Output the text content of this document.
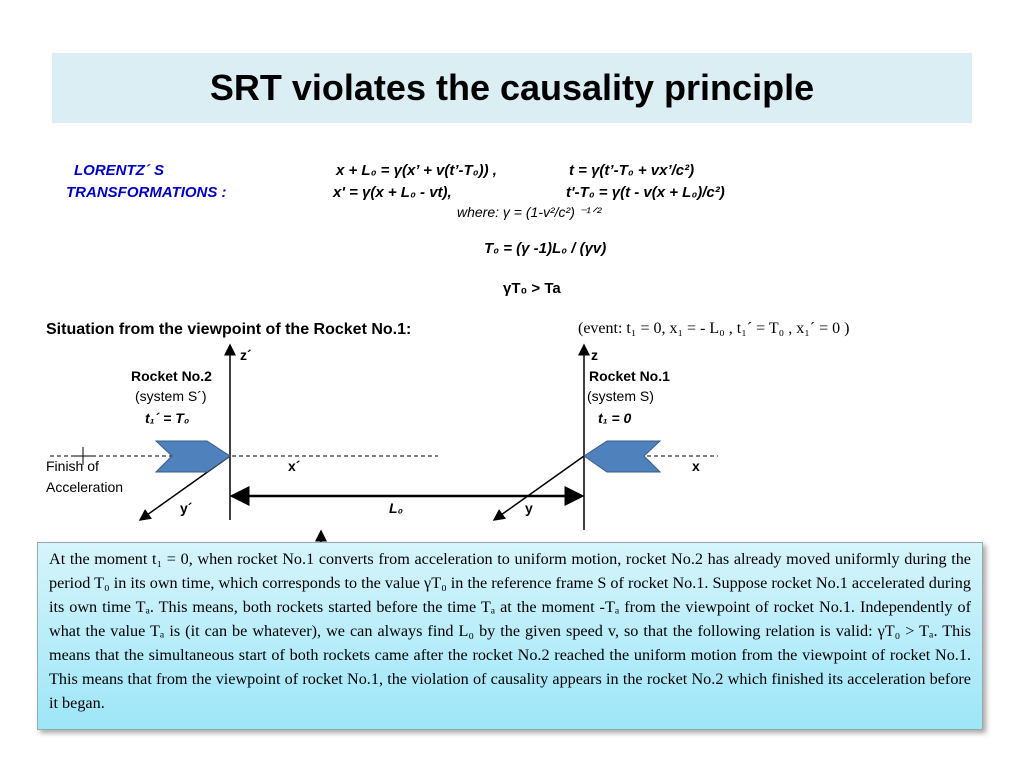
SRT violates the causality principle
LORENTZ´ S
TRANSFORMATIONS :
x + L₀ = γ(x’ + v(t’-T₀)) ,	t = γ(t’-T₀ + vx’/c²)
x' = γ(x + L₀ - vt),	t'-T₀ = γ(t - v(x + L₀)/c²)
where: γ = (1-v²/c²) ⁻¹ᐟ²
T₀ = (γ -1)L₀ / (γv)
γT₀ > Ta
Situation from the viewpoint of the Rocket No.1:	(event: t₁ = 0, x₁ = - L₀ , t₁´ = T₀ , x₁´ = 0 )
Rocket No.2
(system S´)
t₁´ = T₀
Rocket No.1
(system S)
t₁ = 0
z´	z
x´	x
y´	y
L₀
Finish of
Acceleration

At the moment t₁ = 0, when rocket No.1 converts from acceleration to uniform motion, rocket No.2 has already moved uniformly during the period T₀ in its own time, which corresponds to the value γT₀ in the reference frame S of rocket No.1. Suppose rocket No.1 accelerated during its own time Tₐ. This means, both rockets started before the time Tₐ at the moment -Tₐ from the viewpoint of rocket No.1. Independently of what the value Tₐ is (it can be whatever), we can always find L₀ by the given speed v, so that the following relation is valid: γT₀ > Tₐ. This means that the simultaneous start of both rockets came after the rocket No.2 reached the uniform motion from the viewpoint of rocket No.1. This means that from the viewpoint of rocket No.1, the violation of causality appears in the rocket No.2 which finished its acceleration before it began.
